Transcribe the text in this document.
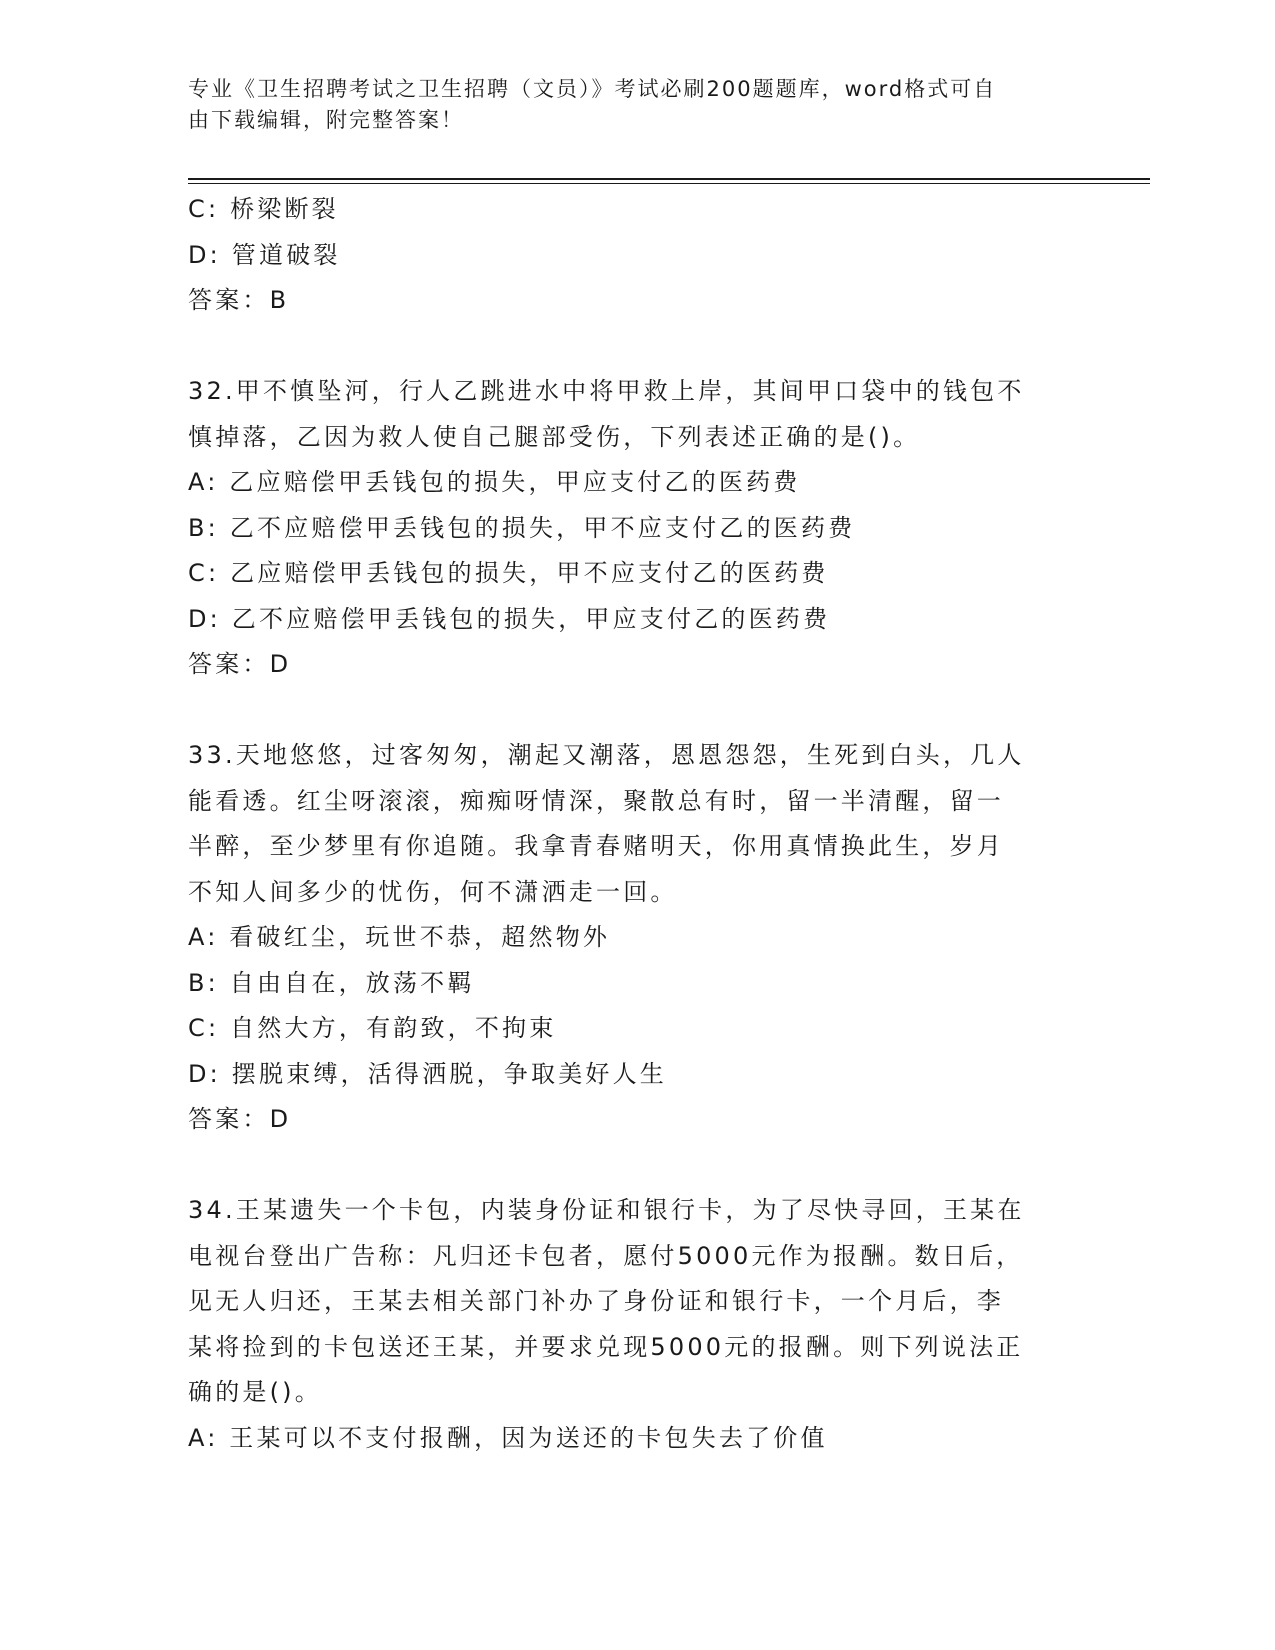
专业《卫生招聘考试之卫生招聘（文员）》考试必刷200题题库，word格式可自
由下载编辑，附完整答案！

C: 桥梁断裂

D: 管道破裂

答案：B

32.甲不慎坠河，行人乙跳进水中将甲救上岸，其间甲口袋中的钱包不

慎掉落，乙因为救人使自己腿部受伤，下列表述正确的是()。

A: 乙应赔偿甲丢钱包的损失，甲应支付乙的医药费

B: 乙不应赔偿甲丢钱包的损失，甲不应支付乙的医药费

C: 乙应赔偿甲丢钱包的损失，甲不应支付乙的医药费

D: 乙不应赔偿甲丢钱包的损失，甲应支付乙的医药费

答案：D

33.天地悠悠，过客匆匆，潮起又潮落，恩恩怨怨，生死到白头，几人

能看透。红尘呀滚滚，痴痴呀情深，聚散总有时，留一半清醒，留一

半醉，至少梦里有你追随。我拿青春赌明天，你用真情换此生，岁月

不知人间多少的忧伤，何不潇洒走一回。

A: 看破红尘，玩世不恭，超然物外

B: 自由自在，放荡不羁

C: 自然大方，有韵致，不拘束

D: 摆脱束缚，活得洒脱，争取美好人生

答案：D

34.王某遗失一个卡包，内装身份证和银行卡，为了尽快寻回，王某在

电视台登出广告称：凡归还卡包者，愿付5000元作为报酬。数日后，

见无人归还，王某去相关部门补办了身份证和银行卡，一个月后，李

某将捡到的卡包送还王某，并要求兑现5000元的报酬。则下列说法正

确的是()。

A: 王某可以不支付报酬，因为送还的卡包失去了价值
